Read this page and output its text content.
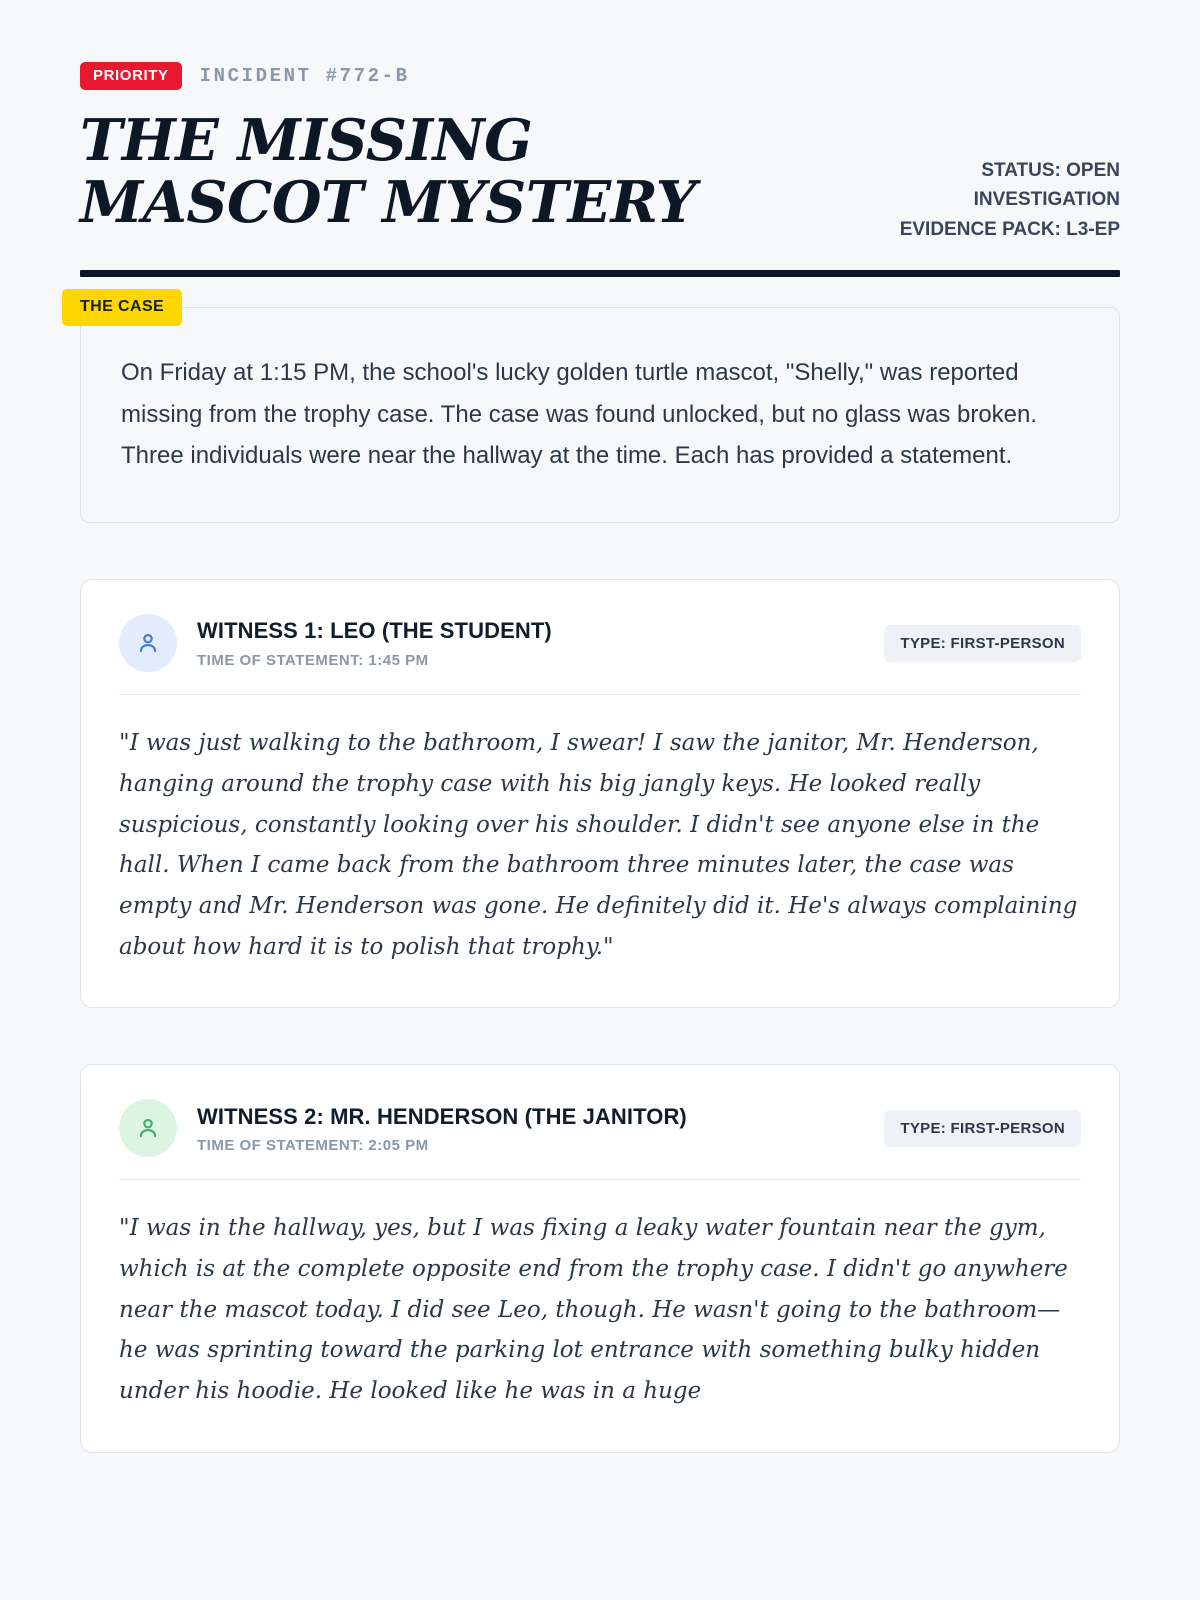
PRIORITY	INCIDENT #772-B
THE MISSING MASCOT MYSTERY	STATUS: OPEN
INVESTIGATION
EVIDENCE PACK: L3-EP
THE CASE

On Friday at 1:15 PM, the school's lucky golden turtle mascot, "Shelly," was reported missing from the trophy case. The case was found unlocked, but no glass was broken. Three individuals were near the hallway at the time. Each has provided a statement.

WITNESS 1: LEO (THE STUDENT)
TIME OF STATEMENT: 1:45 PM
TYPE: FIRST-PERSON

"I was just walking to the bathroom, I swear! I saw the janitor, Mr. Henderson, hanging around the trophy case with his big jangly keys. He looked really suspicious, constantly looking over his shoulder. I didn't see anyone else in the hall. When I came back from the bathroom three minutes later, the case was empty and Mr. Henderson was gone. He definitely did it. He's always complaining about how hard it is to polish that trophy."

WITNESS 2: MR. HENDERSON (THE JANITOR)
TIME OF STATEMENT: 2:05 PM
TYPE: FIRST-PERSON

"I was in the hallway, yes, but I was fixing a leaky water fountain near the gym, which is at the complete opposite end from the trophy case. I didn't go anywhere near the mascot today. I did see Leo, though. He wasn't going to the bathroom—he was sprinting toward the parking lot entrance with something bulky hidden under his hoodie. He looked like he was in a huge
